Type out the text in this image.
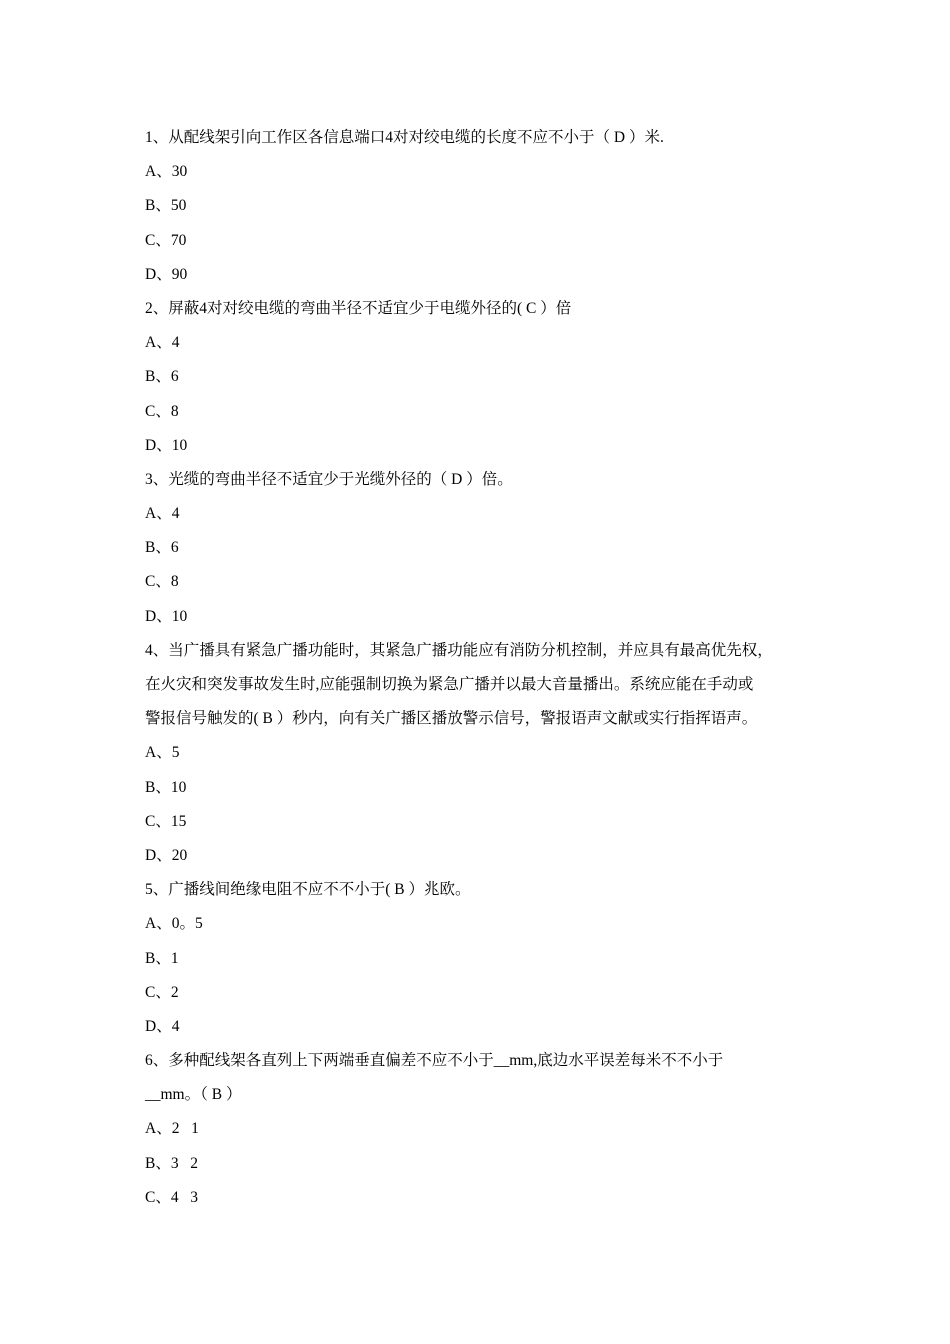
1、从配线架引向工作区各信息端口4对对绞电缆的长度不应不小于（ D ）米.
A、30
B、50
C、70
D、90
2、屏蔽4对对绞电缆的弯曲半径不适宜少于电缆外径的( C ）倍
A、4
B、6
C、8
D、10
3、光缆的弯曲半径不适宜少于光缆外径的（ D ）倍。
A、4
B、6
C、8
D、10
4、当广播具有紧急广播功能时，其紧急广播功能应有消防分机控制，并应具有最高优先权，
在火灾和突发事故发生时,应能强制切换为紧急广播并以最大音量播出。系统应能在手动或
警报信号触发的( B ）秒内，向有关广播区播放警示信号，警报语声文献或实行指挥语声。
A、5
B、10
C、15
D、20
5、广播线间绝缘电阻不应不不小于( B ）兆欧。
A、0。5
B、1
C、2
D、4
6、多种配线架各直列上下两端垂直偏差不应不小于__mm,底边水平误差每米不不小于
__mm。（ B ）
A、2   1
B、3   2
C、4   3
